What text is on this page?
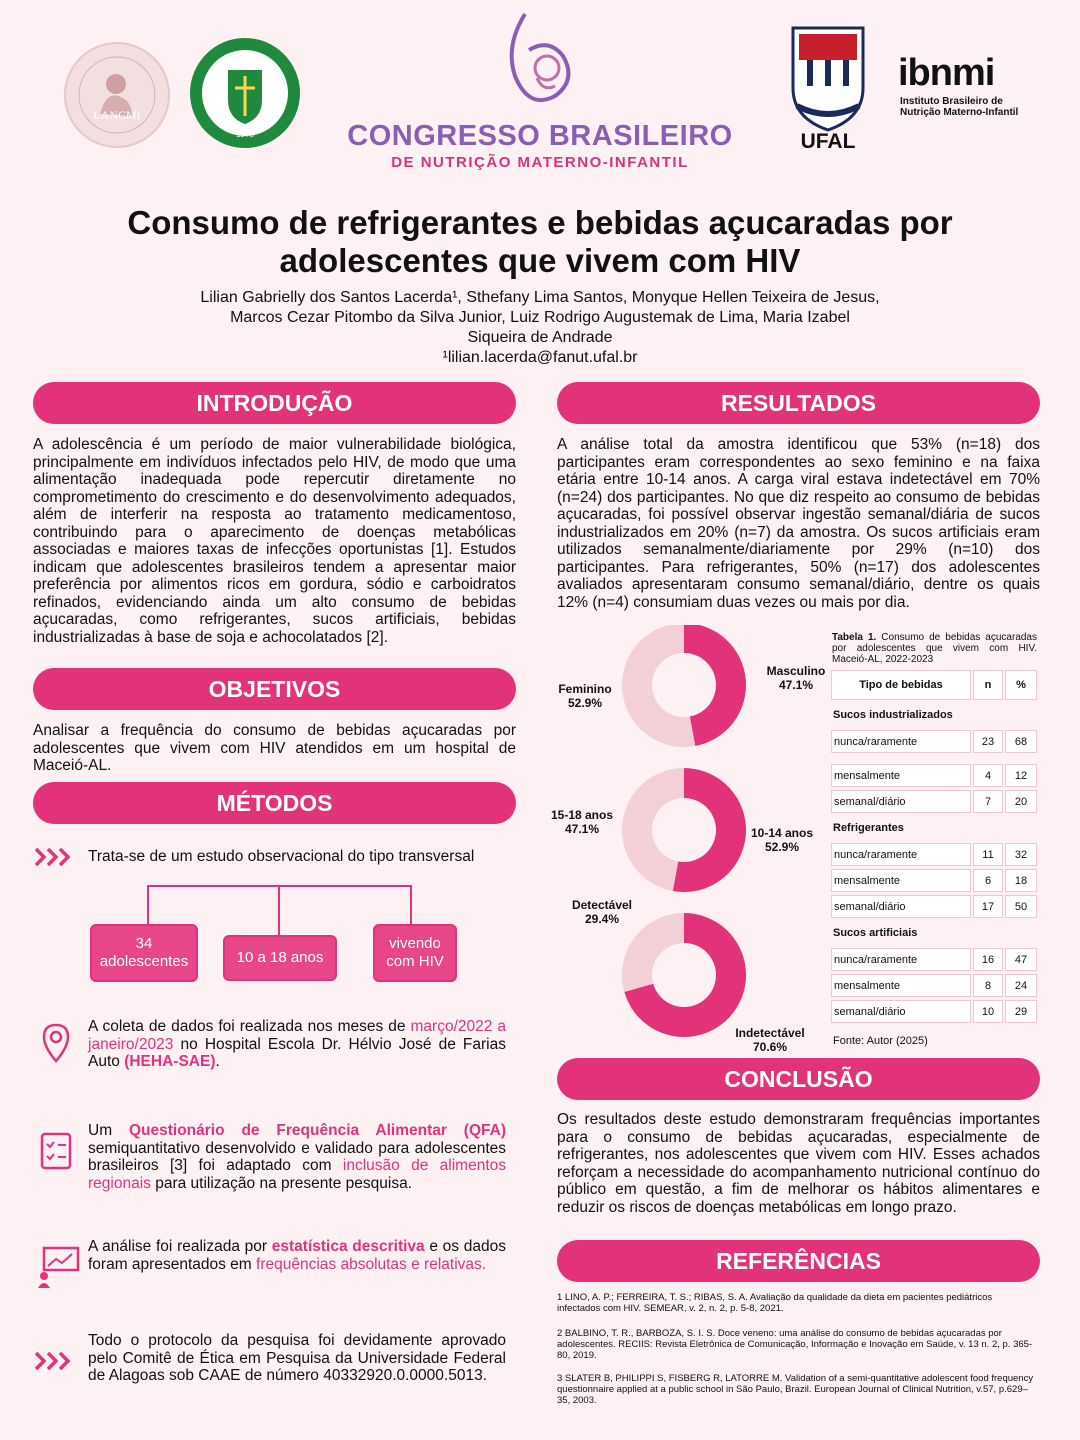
LANCMI
1978	CONGRESSO BRASILEIRO
DE NUTRIÇÃO MATERNO-INFANTIL
UFAL
ibnmi
Instituto Brasileiro de
Nutrição Materno-Infantil
Consumo de refrigerantes e bebidas açucaradas por
adolescentes que vivem com HIV
Lilian Gabrielly dos Santos Lacerda¹, Sthefany Lima Santos, Monyque Hellen Teixeira de Jesus,
Marcos Cezar Pitombo da Silva Junior, Luiz Rodrigo Augustemak de Lima, Maria Izabel
Siqueira de Andrade
¹lilian.lacerda@fanut.ufal.br
INTRODUÇÃO
A adolescência é um período de maior vulnerabilidade biológica, principalmente em indivíduos infectados pelo HIV, de modo que uma alimentação inadequada pode repercutir diretamente no comprometimento do crescimento e do desenvolvimento adequados, além de interferir na resposta ao tratamento medicamentoso, contribuindo para o aparecimento de doenças metabólicas associadas e maiores taxas de infecções oportunistas [1]. Estudos indicam que adolescentes brasileiros tendem a apresentar maior preferência por alimentos ricos em gordura, sódio e carboidratos refinados, evidenciando ainda um alto consumo de bebidas açucaradas, como refrigerantes, sucos artificiais, bebidas industrializadas à base de soja e achocolatados [2].
OBJETIVOS
Analisar a frequência do consumo de bebidas açucaradas por adolescentes que vivem com HIV atendidos em um hospital de Maceió-AL.
MÉTODOS
Trata-se de um estudo observacional do tipo transversal
34 adolescentes	10 a 18 anos
vivendo com HIV
A coleta de dados foi realizada nos meses de março/2022 a janeiro/2023 no Hospital Escola Dr. Hélvio José de Farias Auto (HEHA-SAE).
Um Questionário de Frequência Alimentar (QFA) semiquantitativo desenvolvido e validado para adolescentes brasileiros [3] foi adaptado com inclusão de alimentos regionais para utilização na presente pesquisa.
A análise foi realizada por estatística descritiva e os dados foram apresentados em frequências absolutas e relativas.
Todo o protocolo da pesquisa foi devidamente aprovado pelo Comitê de Ética em Pesquisa da Universidade Federal de Alagoas sob CAAE de número 40332920.0.0000.5013.
RESULTADOS
A análise total da amostra identificou que 53% (n=18) dos participantes eram correspondentes ao sexo feminino e na faixa etária entre 10-14 anos. A carga viral estava indetectável em 70% (n=24) dos participantes. No que diz respeito ao consumo de bebidas açucaradas, foi possível observar ingestão semanal/diária de sucos industrializados em 20% (n=7) da amostra. Os sucos artificiais eram utilizados semanalmente/diariamente por 29% (n=10) dos participantes. Para refrigerantes, 50% (n=17) dos adolescentes avaliados apresentaram consumo semanal/diário, dentre os quais 12% (n=4) consumiam duas vezes ou mais por dia.
Masculino
47.1%
Feminino
52.9%
15-18 anos
47.1%	10-14 anos
52.9%
Detectável
29.4%
Indetectável
70.6%
Tabela 1. Consumo de bebidas açucaradas por adolescentes que vivem com HIV. Maceió-AL, 2022-2023
Tipo de bebidas	n	%
Sucos industrializados
nunca/raramente	23	68
mensalmente	4	12
semanal/diário	7	20
Refrigerantes
nunca/raramente	11	32
mensalmente	6	18
semanal/diário	17	50
Sucos artificiais
nunca/raramente	16	47
mensalmente	8	24
semanal/diário	10	29
Fonte: Autor (2025)
CONCLUSÃO
Os resultados deste estudo demonstraram frequências importantes para o consumo de bebidas açucaradas, especialmente de refrigerantes, nos adolescentes que vivem com HIV. Esses achados reforçam a necessidade do acompanhamento nutricional contínuo do público em questão, a fim de melhorar os hábitos alimentares e reduzir os riscos de doenças metabólicas em longo prazo.
REFERÊNCIAS
1 LINO, A. P.; FERREIRA, T. S.; RIBAS, S. A. Avaliação da qualidade da dieta em pacientes pediátricos infectados com HIV. SEMEAR, v. 2, n. 2, p. 5-8, 2021.
2 BALBINO, T. R., BARBOZA, S. I. S. Doce veneno: uma análise do consumo de bebidas açucaradas por adolescentes. RECIIS: Revista Eletrônica de Comunicação, Informação e Inovação em Saúde, v. 13 n. 2, p. 365-80, 2019.
3 SLATER B, PHILIPPI S, FISBERG R, LATORRE M. Validation of a semi-quantitative adolescent food frequency questionnaire applied at a public school in São Paulo, Brazil. European Journal of Clinical Nutrition, v.57, p.629–35, 2003.
